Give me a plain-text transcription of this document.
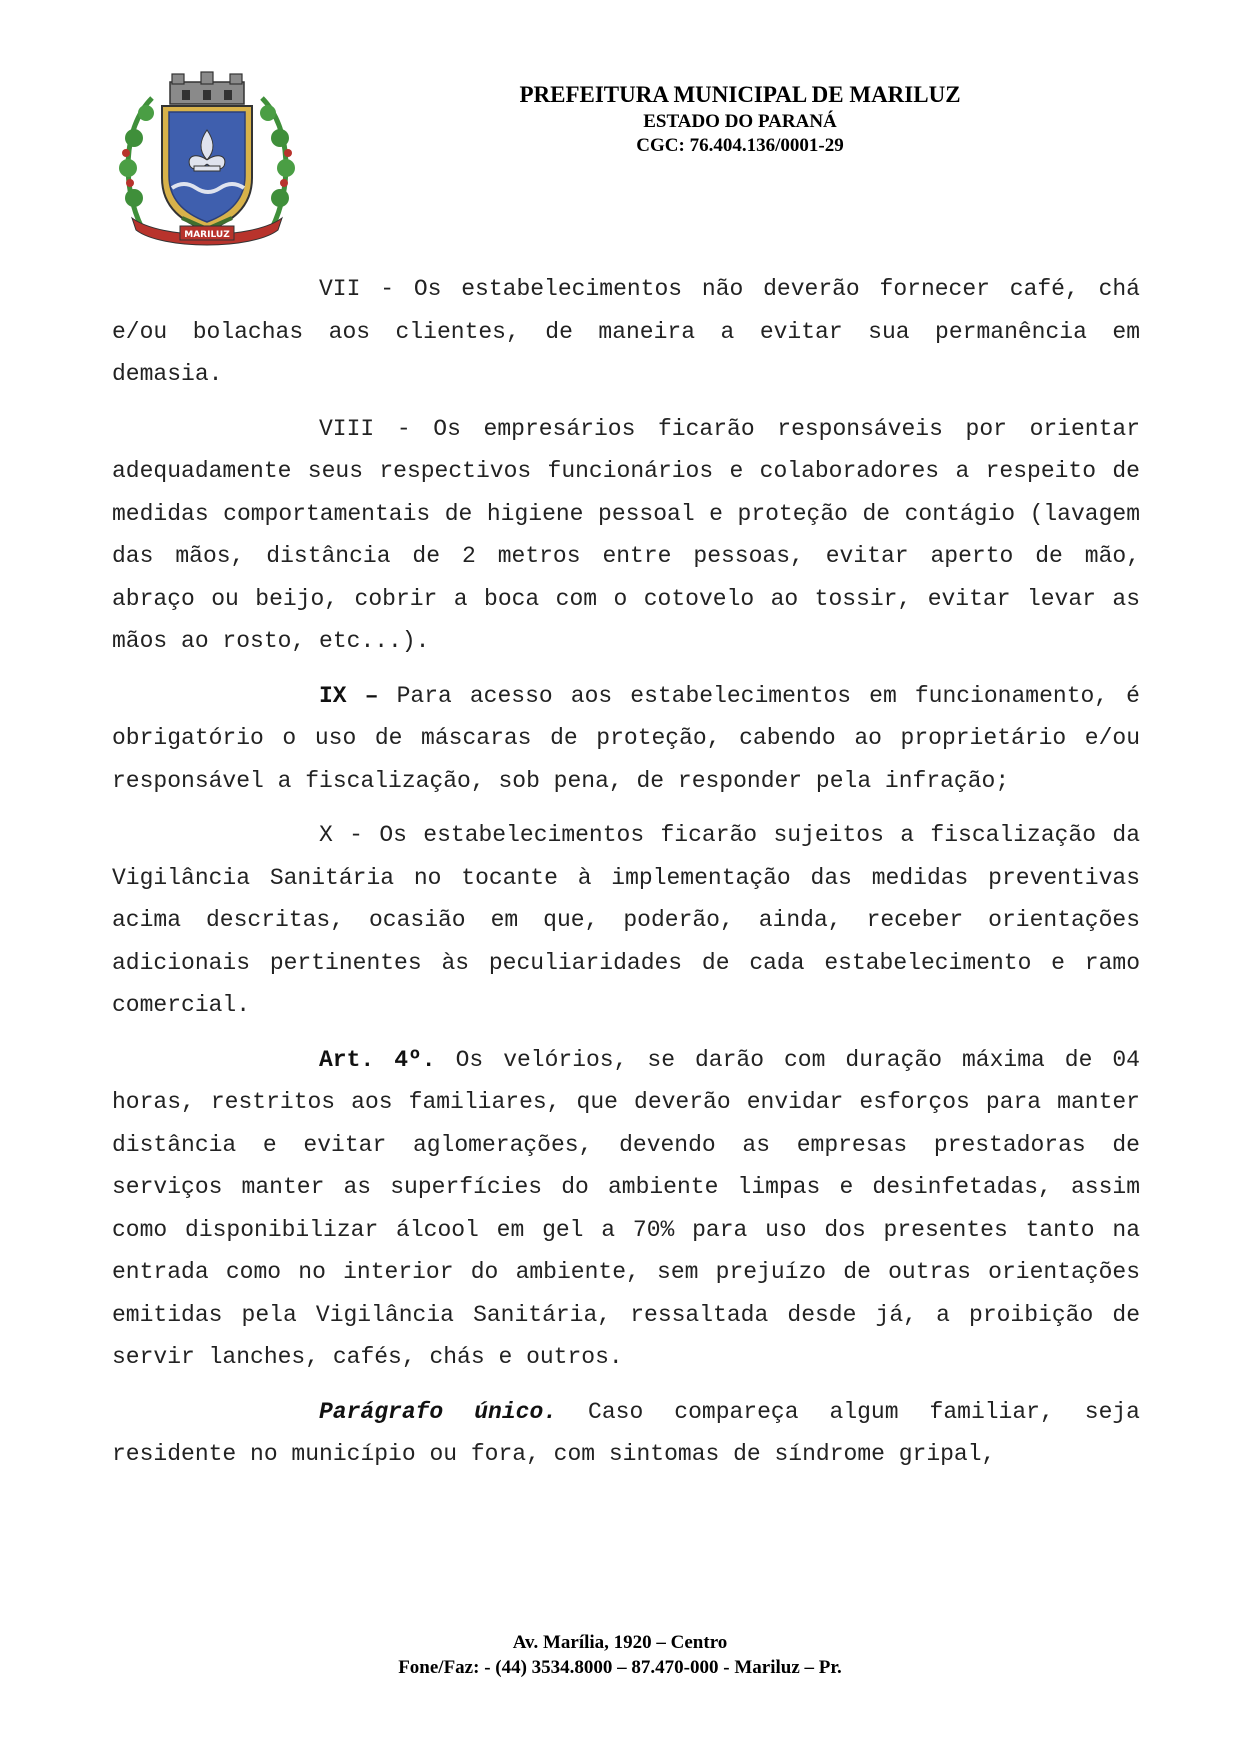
MARILUZ
PREFEITURA MUNICIPAL DE MARILUZ
ESTADO DO PARANÁ
CGC: 76.404.136/0001-29

VII - Os estabelecimentos não deverão fornecer café, chá e/ou bolachas aos clientes, de maneira a evitar sua permanência em demasia.

VIII - Os empresários ficarão responsáveis por orientar adequadamente seus respectivos funcionários e colaboradores a respeito de medidas comportamentais de higiene pessoal e proteção de contágio (lavagem das mãos, distância de 2 metros entre pessoas, evitar aperto de mão, abraço ou beijo, cobrir a boca com o cotovelo ao tossir, evitar levar as mãos ao rosto, etc...).

IX – Para acesso aos estabelecimentos em funcionamento, é obrigatório o uso de máscaras de proteção, cabendo ao proprietário e/ou responsável a fiscalização, sob pena, de responder pela infração;

X - Os estabelecimentos ficarão sujeitos a fiscalização da Vigilância Sanitária no tocante à implementação das medidas preventivas acima descritas, ocasião em que, poderão, ainda, receber orientações adicionais pertinentes às peculiaridades de cada estabelecimento e ramo comercial.

Art. 4º. Os velórios, se darão com duração máxima de 04 horas, restritos aos familiares, que deverão envidar esforços para manter distância e evitar aglomerações, devendo as empresas prestadoras de serviços manter as superfícies do ambiente limpas e desinfetadas, assim como disponibilizar álcool em gel a 70% para uso dos presentes tanto na entrada como no interior do ambiente, sem prejuízo de outras orientações emitidas pela Vigilância Sanitária, ressaltada desde já, a proibição de servir lanches, cafés, chás e outros.

Parágrafo único. Caso compareça algum familiar, seja residente no município ou fora, com sintomas de síndrome gripal,

Av. Marília, 1920 – Centro
Fone/Faz: - (44) 3534.8000 – 87.470-000 - Mariluz – Pr.
